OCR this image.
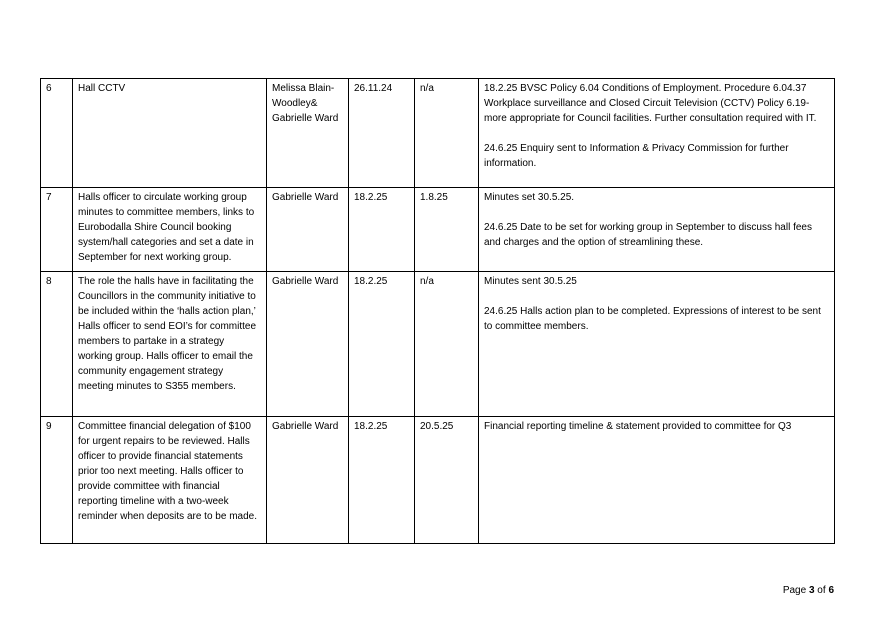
6	Hall CCTV	Melissa Blain-Woodley& Gabrielle Ward	26.11.24	n/a	18.2.25 BVSC Policy 6.04 Conditions of Employment. Procedure 6.04.37 Workplace surveillance and Closed Circuit Television (CCTV) Policy 6.19- more appropriate for Council facilities. Further consultation required with IT.

24.6.25 Enquiry sent to Information & Privacy Commission for further information.

7	Halls officer to circulate working group minutes to committee members, links to Eurobodalla Shire Council booking system/hall categories and set a date in September for next working group.	Gabrielle Ward	18.2.25	1.8.25	Minutes set 30.5.25.

24.6.25 Date to be set for working group in September to discuss hall fees and charges and the option of streamlining these.

8	The role the halls have in facilitating the Councillors in the community initiative to be included within the ‘halls action plan,’ Halls officer to send EOI’s for committee members to partake in a strategy working group. Halls officer to email the community engagement strategy meeting minutes to S355 members.	Gabrielle Ward	18.2.25	n/a	Minutes sent 30.5.25

24.6.25 Halls action plan to be completed. Expressions of interest to be sent to committee members.

9	Committee financial delegation of $100 for urgent repairs to be reviewed. Halls officer to provide financial statements prior too next meeting. Halls officer to provide committee with financial reporting timeline with a two-week reminder when deposits are to be made.	Gabrielle Ward	18.2.25	20.5.25	Financial reporting timeline & statement provided to committee for Q3

Page 3 of 6
